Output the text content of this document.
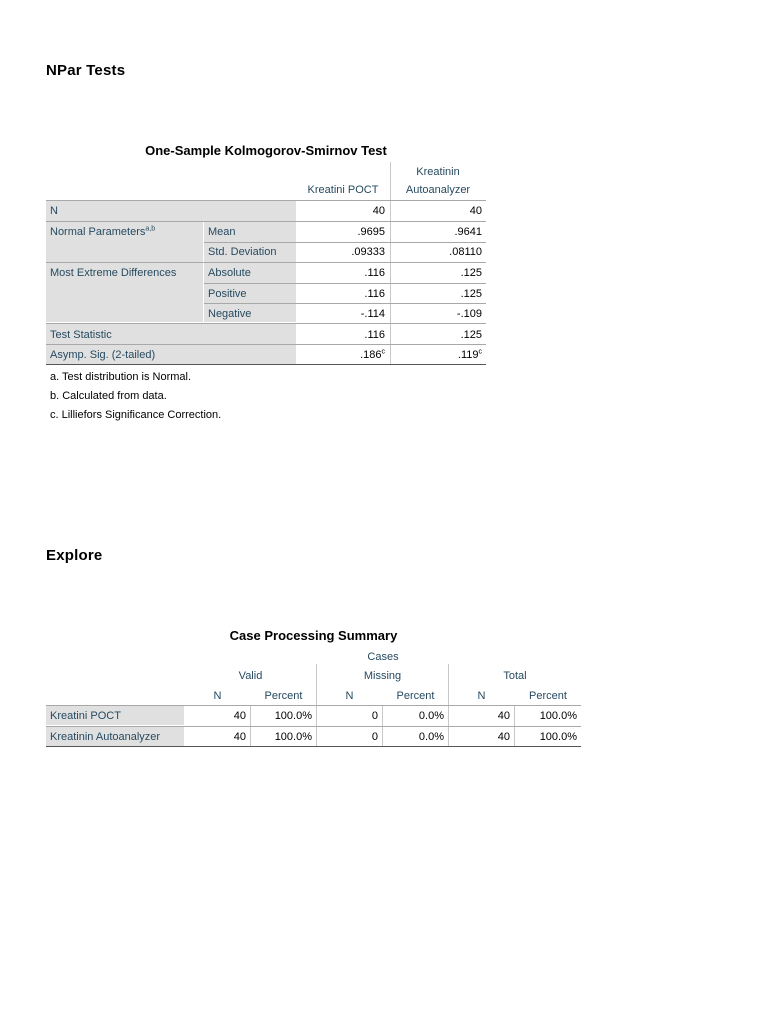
NPar Tests
Explore
One-Sample Kolmogorov-Smirnov Test
Kreatini POCT
Kreatinin
Autoanalyzer
N	40	40
Normal Parameters$^{a,b}$	Mean	.9695	.9641
Std. Deviation	.09333	.08110
Most Extreme Differences	Absolute	.116	.125
Positive	.116	.125
Negative	-.114	-.109
Test Statistic	.116	.125
Asymp. Sig. (2-tailed)	.186$^c$	.119$^c$
a. Test distribution is Normal.
b. Calculated from data.
c. Lilliefors Significance Correction.
Case Processing Summary
Cases
Valid	Missing	Total
N	Percent	N	Percent	N	Percent
Kreatini POCT	40	100.0%	0	0.0%	40	100.0%
Kreatinin Autoanalyzer	40	100.0%	0	0.0%	40	100.0%
